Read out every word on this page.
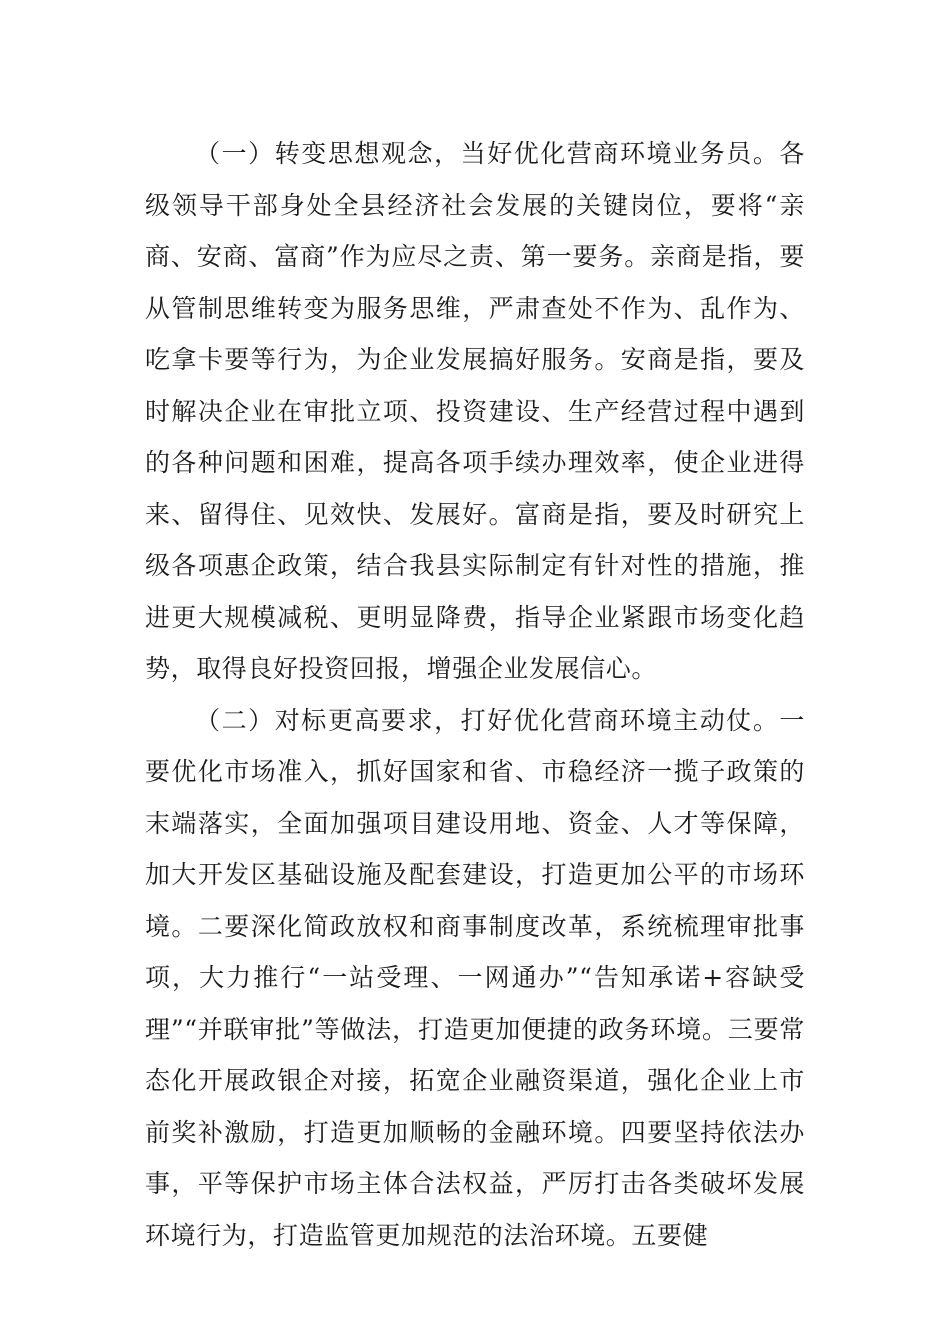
（一）转变思想观念，当好优化营商环境业务员。各级领导干部身处全县经济社会发展的关键岗位，要将“亲商、安商、富商”作为应尽之责、第一要务。亲商是指，要从管制思维转变为服务思维，严肃查处不作为、乱作为、吃拿卡要等行为，为企业发展搞好服务。安商是指，要及时解决企业在审批立项、投资建设、生产经营过程中遇到的各种问题和困难，提高各项手续办理效率，使企业进得来、留得住、见效快、发展好。富商是指，要及时研究上级各项惠企政策，结合我县实际制定有针对性的措施，推进更大规模减税、更明显降费，指导企业紧跟市场变化趋势，取得良好投资回报，增强企业发展信心。

（二）对标更高要求，打好优化营商环境主动仗。一要优化市场准入，抓好国家和省、市稳经济一揽子政策的末端落实，全面加强项目建设用地、资金、人才等保障，加大开发区基础设施及配套建设，打造更加公平的市场环境。二要深化简政放权和商事制度改革，系统梳理审批事项，大力推行“一站受理、一网通办”“告知承诺+容缺受理”“并联审批”等做法，打造更加便捷的政务环境。三要常态化开展政银企对接，拓宽企业融资渠道，强化企业上市前奖补激励，打造更加顺畅的金融环境。四要坚持依法办事，平等保护市场主体合法权益，严厉打击各类破坏发展环境行为，打造监管更加规范的法治环境。五要健
